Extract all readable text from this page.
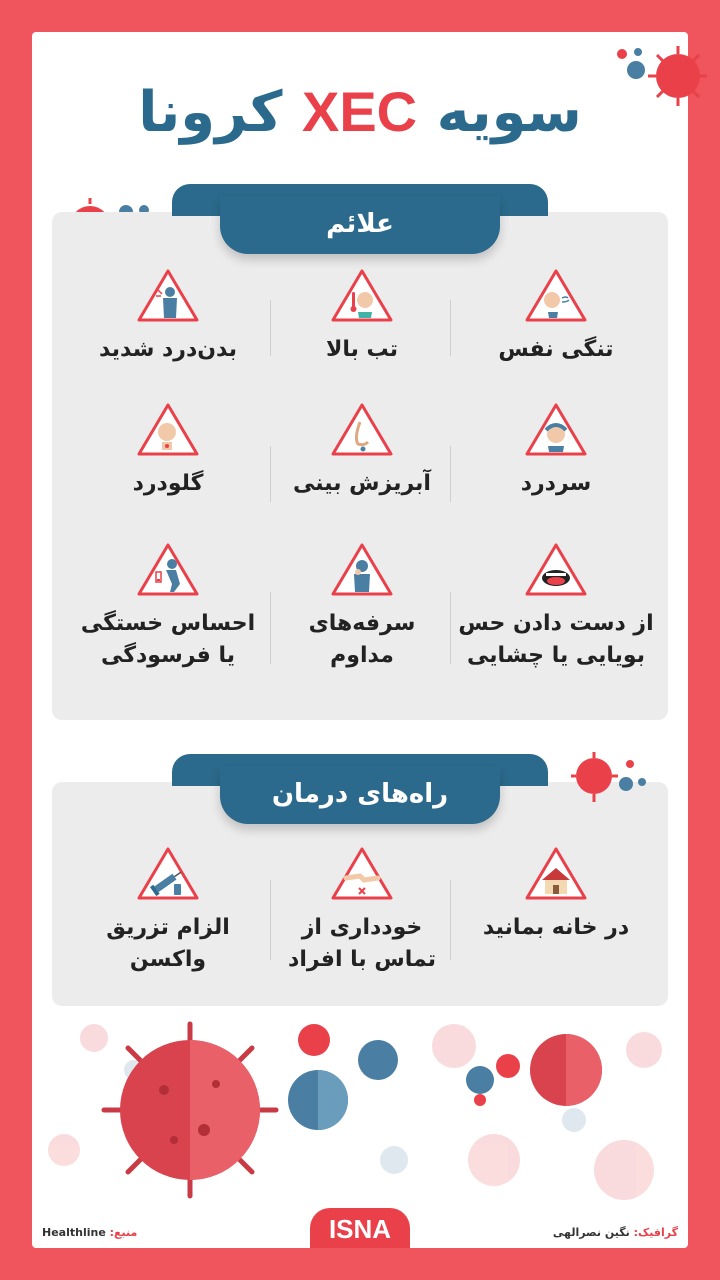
سویه XEC کرونا
علائم
تنگی نفس
تب بالا
بدن‌درد شدید
سردرد
آبریزش بینی
گلودرد
از دست دادن حس
بویایی یا چشایی
سرفه‌های
مداوم
احساس خستگی
یا فرسودگی
راه‌های درمان
در خانه بمانید
خودداری از
تماس با افراد
الزام تزریق واکسن
ISNA
منبع: Healthline	گرافیک: نگین نصرالهی
